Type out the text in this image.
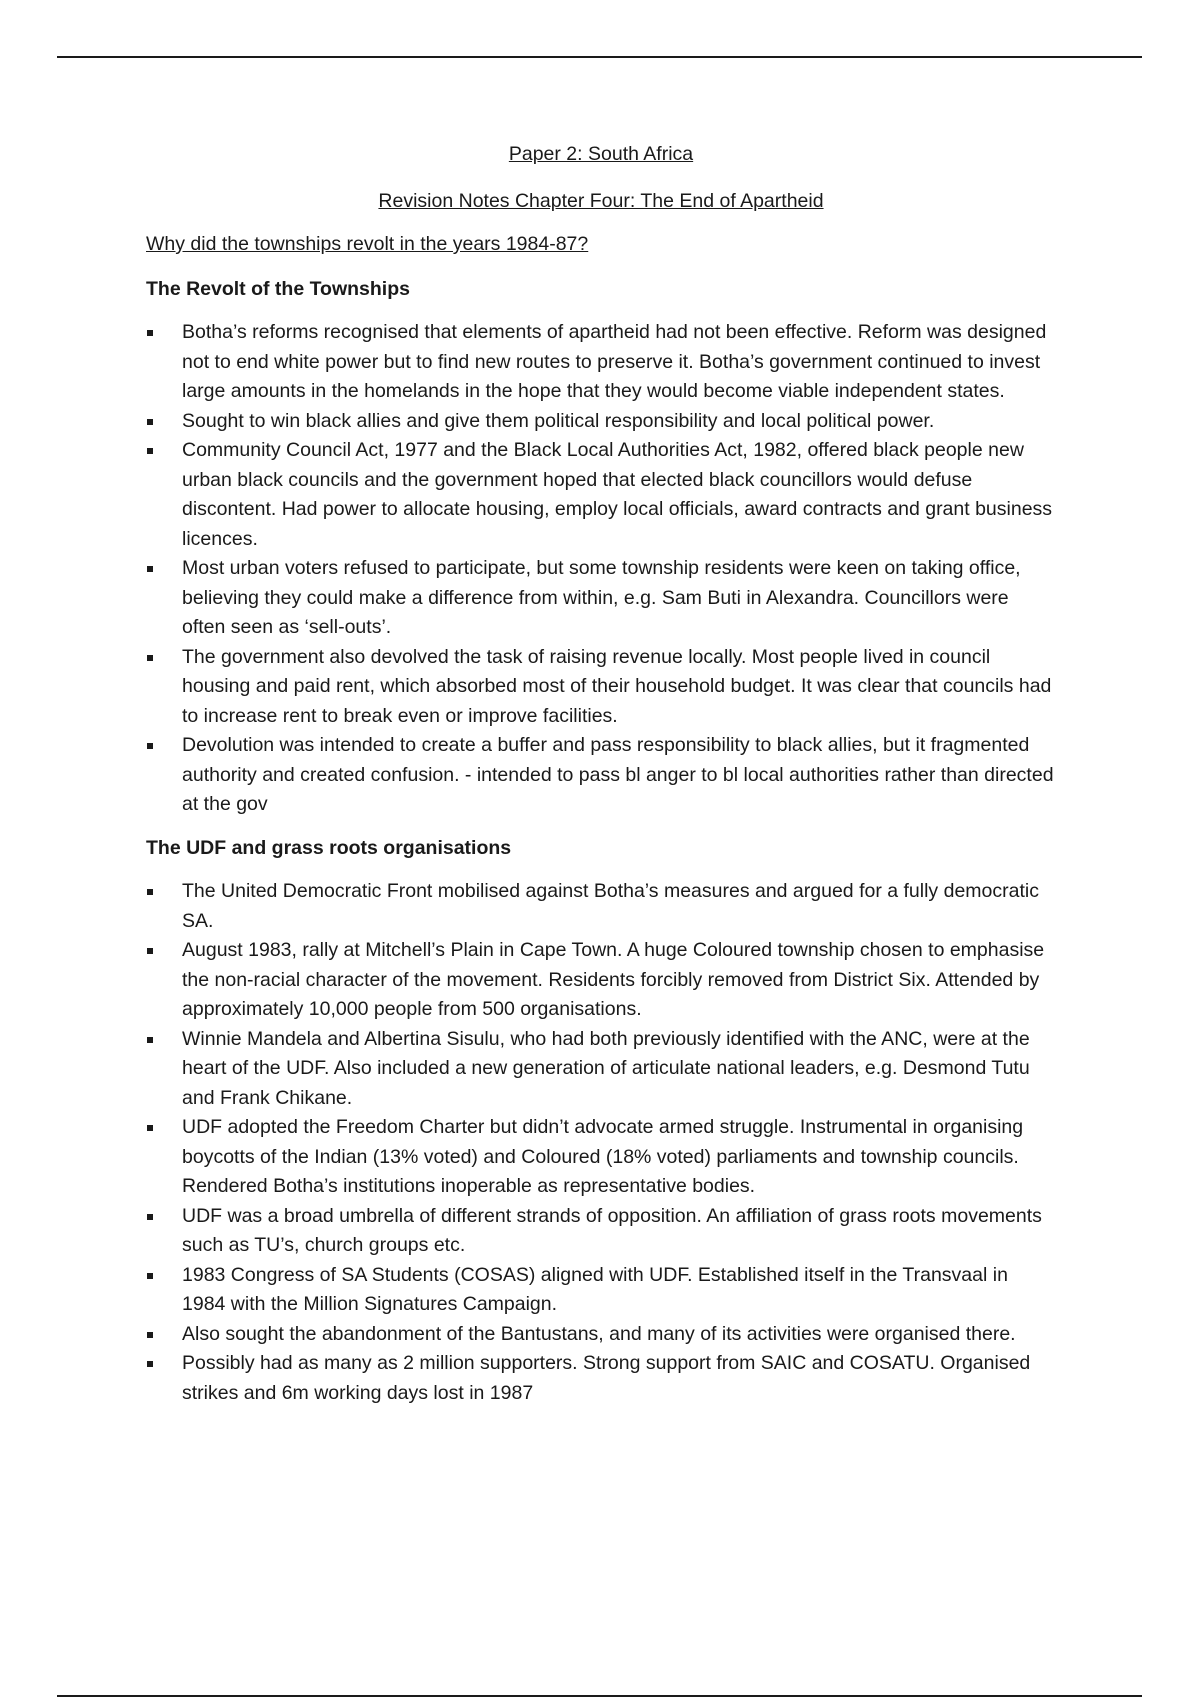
Paper 2: South Africa
Revision Notes Chapter Four: The End of Apartheid

Why did the townships revolt in the years 1984-87?

The Revolt of the Townships

Botha’s reforms recognised that elements of apartheid had not been effective. Reform was designed not to end white power but to find new routes to preserve it. Botha’s government continued to invest large amounts in the homelands in the hope that they would become viable independent states.
Sought to win black allies and give them political responsibility and local political power.
Community Council Act, 1977 and the Black Local Authorities Act, 1982, offered black people new urban black councils and the government hoped that elected black councillors would defuse discontent. Had power to allocate housing, employ local officials, award contracts and grant business licences.
Most urban voters refused to participate, but some township residents were keen on taking office, believing they could make a difference from within, e.g. Sam Buti in Alexandra. Councillors were often seen as ‘sell-outs’.
The government also devolved the task of raising revenue locally. Most people lived in council housing and paid rent, which absorbed most of their household budget. It was clear that councils had to increase rent to break even or improve facilities.
Devolution was intended to create a buffer and pass responsibility to black allies, but it fragmented authority and created confusion. - intended to pass bl anger to bl local authorities rather than directed at the gov

The UDF and grass roots organisations

The United Democratic Front mobilised against Botha’s measures and argued for a fully democratic SA.
August 1983, rally at Mitchell’s Plain in Cape Town. A huge Coloured township chosen to emphasise the non-racial character of the movement. Residents forcibly removed from District Six. Attended by approximately 10,000 people from 500 organisations.
Winnie Mandela and Albertina Sisulu, who had both previously identified with the ANC, were at the heart of the UDF. Also included a new generation of articulate national leaders, e.g. Desmond Tutu and Frank Chikane.
UDF adopted the Freedom Charter but didn’t advocate armed struggle. Instrumental in organising boycotts of the Indian (13% voted) and Coloured (18% voted) parliaments and township councils. Rendered Botha’s institutions inoperable as representative bodies.
UDF was a broad umbrella of different strands of opposition. An affiliation of grass roots movements such as TU’s, church groups etc.
1983 Congress of SA Students (COSAS) aligned with UDF. Established itself in the Transvaal in 1984 with the Million Signatures Campaign.
Also sought the abandonment of the Bantustans, and many of its activities were organised there.
Possibly had as many as 2 million supporters. Strong support from SAIC and COSATU. Organised strikes and 6m working days lost in 1987
